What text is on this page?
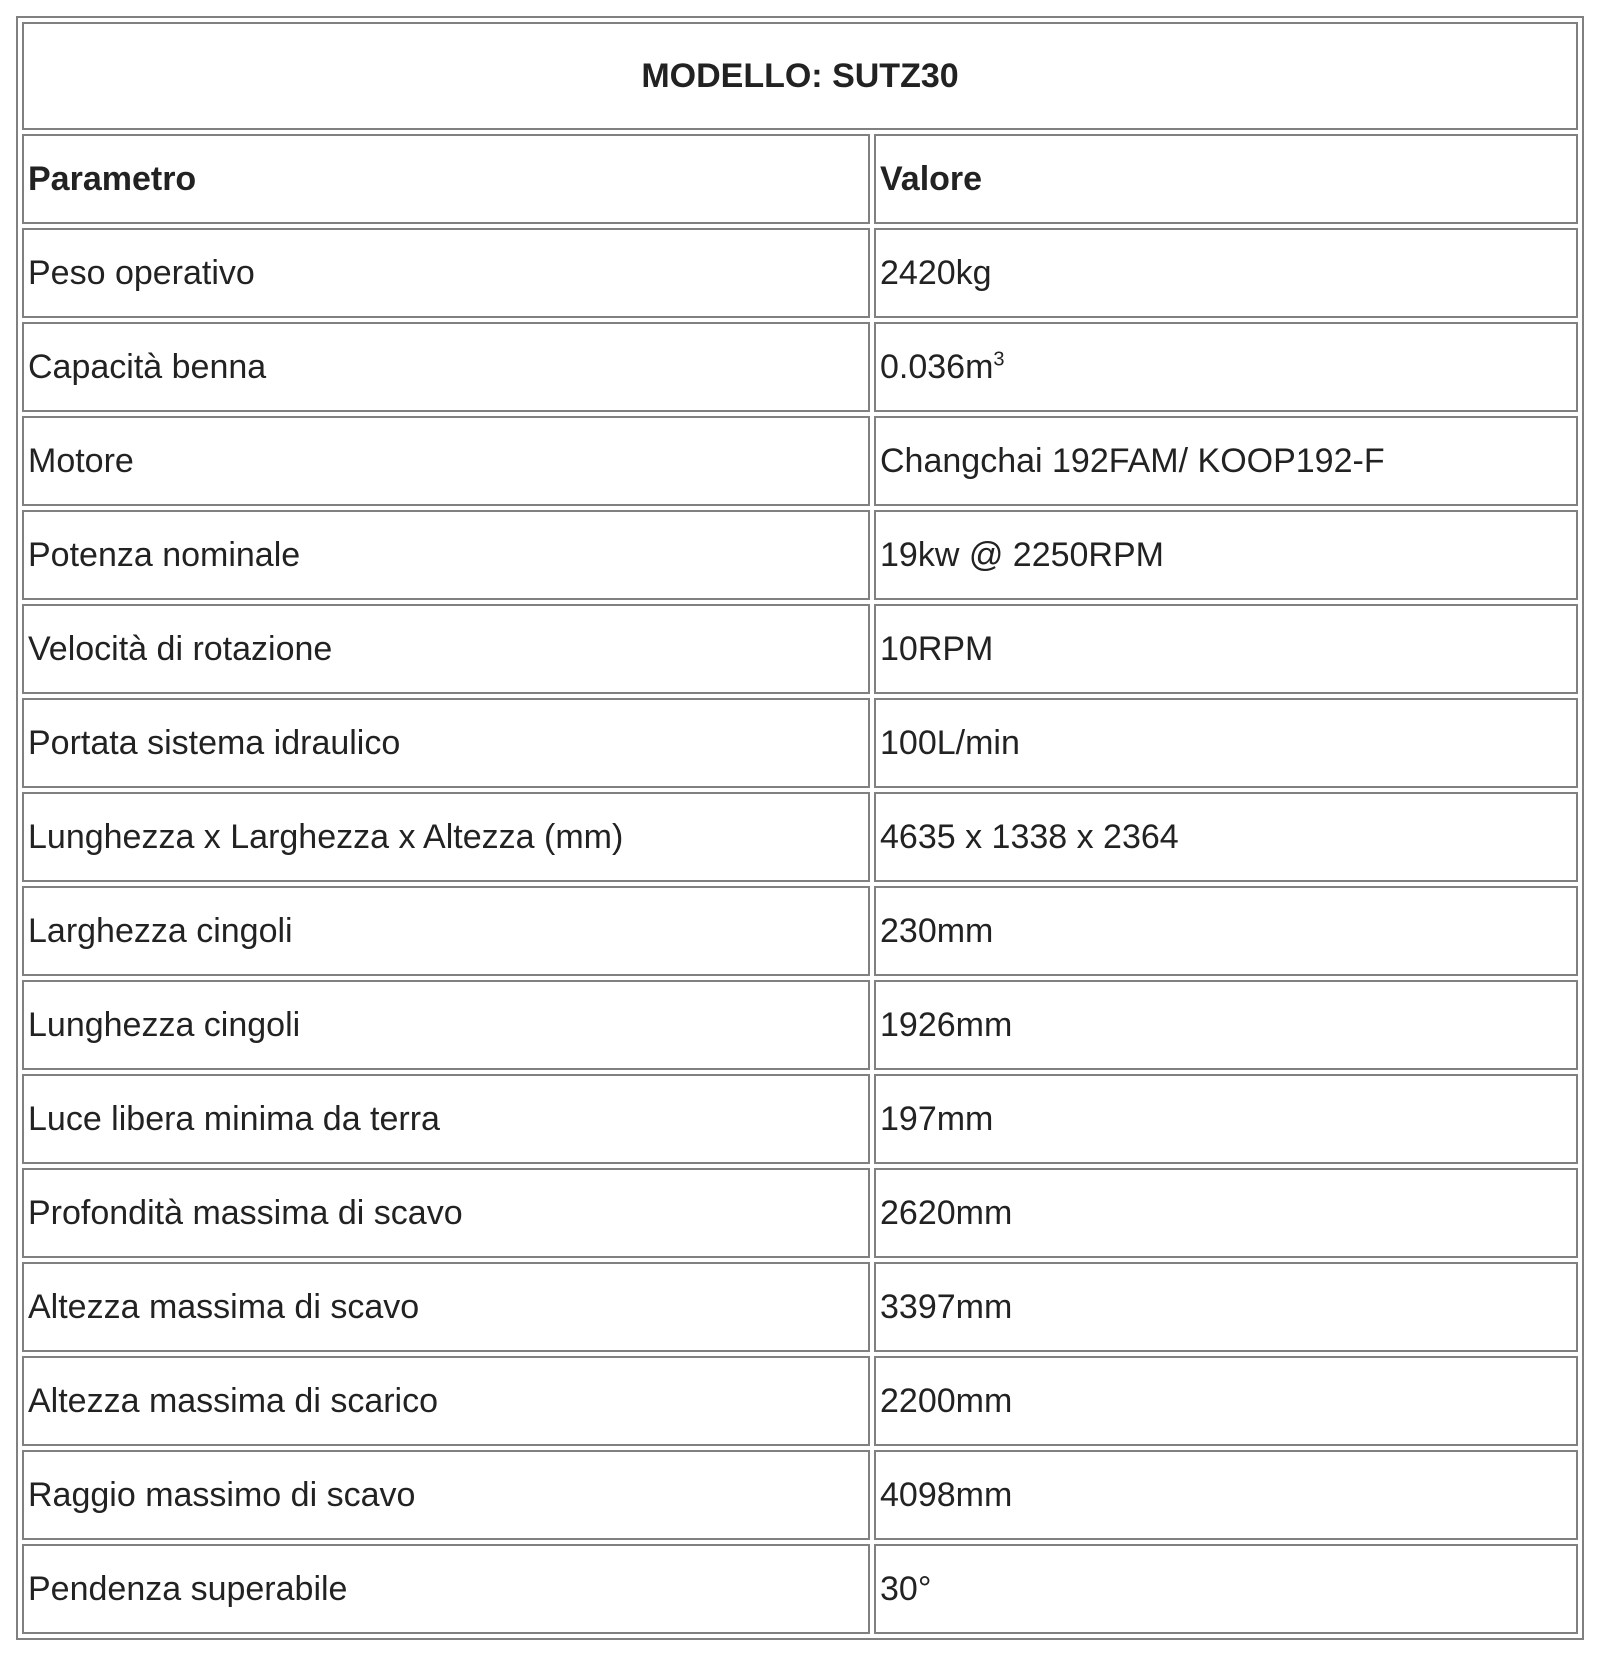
MODELLO: SUTZ30	
Parametro	Valore
Peso operativo	2420kg
Capacità benna	$0.036m^3$
Motore	Changchai 192FAM/ KOOP192-F
Potenza nominale	19kw @ 2250RPM
Velocità di rotazione	10RPM
Portata sistema idraulico	100L/min
Lunghezza x Larghezza x Altezza (mm)	4635 x 1338 x 2364
Larghezza cingoli	230mm
Lunghezza cingoli	1926mm
Luce libera minima da terra	197mm
Profondità massima di scavo	2620mm
Altezza massima di scavo	3397mm
Altezza massima di scarico	2200mm
Raggio massimo di scavo	4098mm
Pendenza superabile	30°
